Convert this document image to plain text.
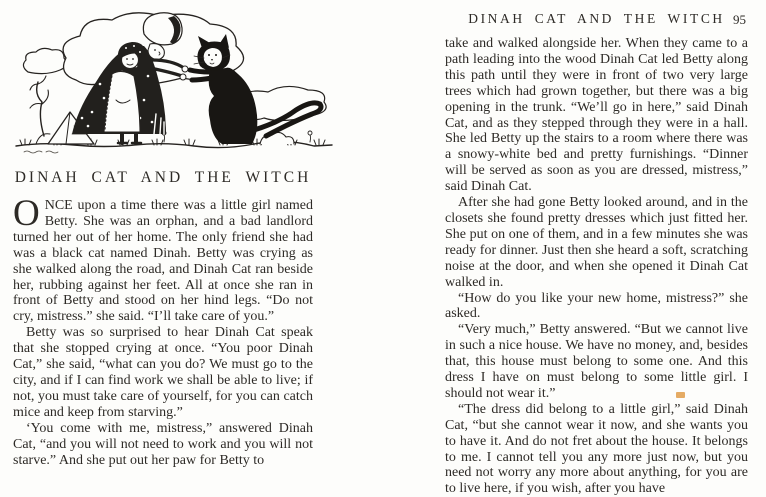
DINAH CAT AND THE WITCH

ONCE upon a time there was a little girl named Betty. She was an orphan, and a bad landlord turned her out of her home. The only friend she had was a black cat named Dinah. Betty was crying as she walked along the road, and Dinah Cat ran beside her, rubbing against her feet. All at once she ran in front of Betty and stood on her hind legs. “Do not cry, mistress.” she said. “I’ll take care of you.”

Betty was so surprised to hear Dinah Cat speak that she stopped crying at once. “You poor Dinah Cat,” she said, “what can you do? We must go to the city, and if I can find work we shall be able to live; if not, you must take care of yourself, for you can catch mice and keep from starving.”

‘You come with me, mistress,” answered Dinah Cat, “and you will not need to work and you will not starve.” And she put out her paw for Betty to

DINAH CAT AND THE WITCH 95

take and walked alongside her. When they came to a path leading into the wood Dinah Cat led Betty along this path until they were in front of two very large trees which had grown together, but there was a big opening in the trunk. “We’ll go in here,” said Dinah Cat, and as they stepped through they were in a hall. She led Betty up the stairs to a room where there was a snowy-white bed and pretty furnishings. “Dinner will be served as soon as you are dressed, mistress,” said Dinah Cat.

After she had gone Betty looked around, and in the closets she found pretty dresses which just fitted her. She put on one of them, and in a few minutes she was ready for dinner. Just then she heard a soft, scratching noise at the door, and when she opened it Dinah Cat walked in.

“How do you like your new home, mistress?” she asked.

“Very much,” Betty answered. “But we cannot live in such a nice house. We have no money, and, besides that, this house must belong to some one. And this dress I have on must belong to some little girl. I should not wear it.”

“The dress did belong to a little girl,” said Dinah Cat, “but she cannot wear it now, and she wants you to have it. And do not fret about the house. It belongs to me. I cannot tell you any more just now, but you need not worry any more about anything, for you are to live here, if you wish, after you have
